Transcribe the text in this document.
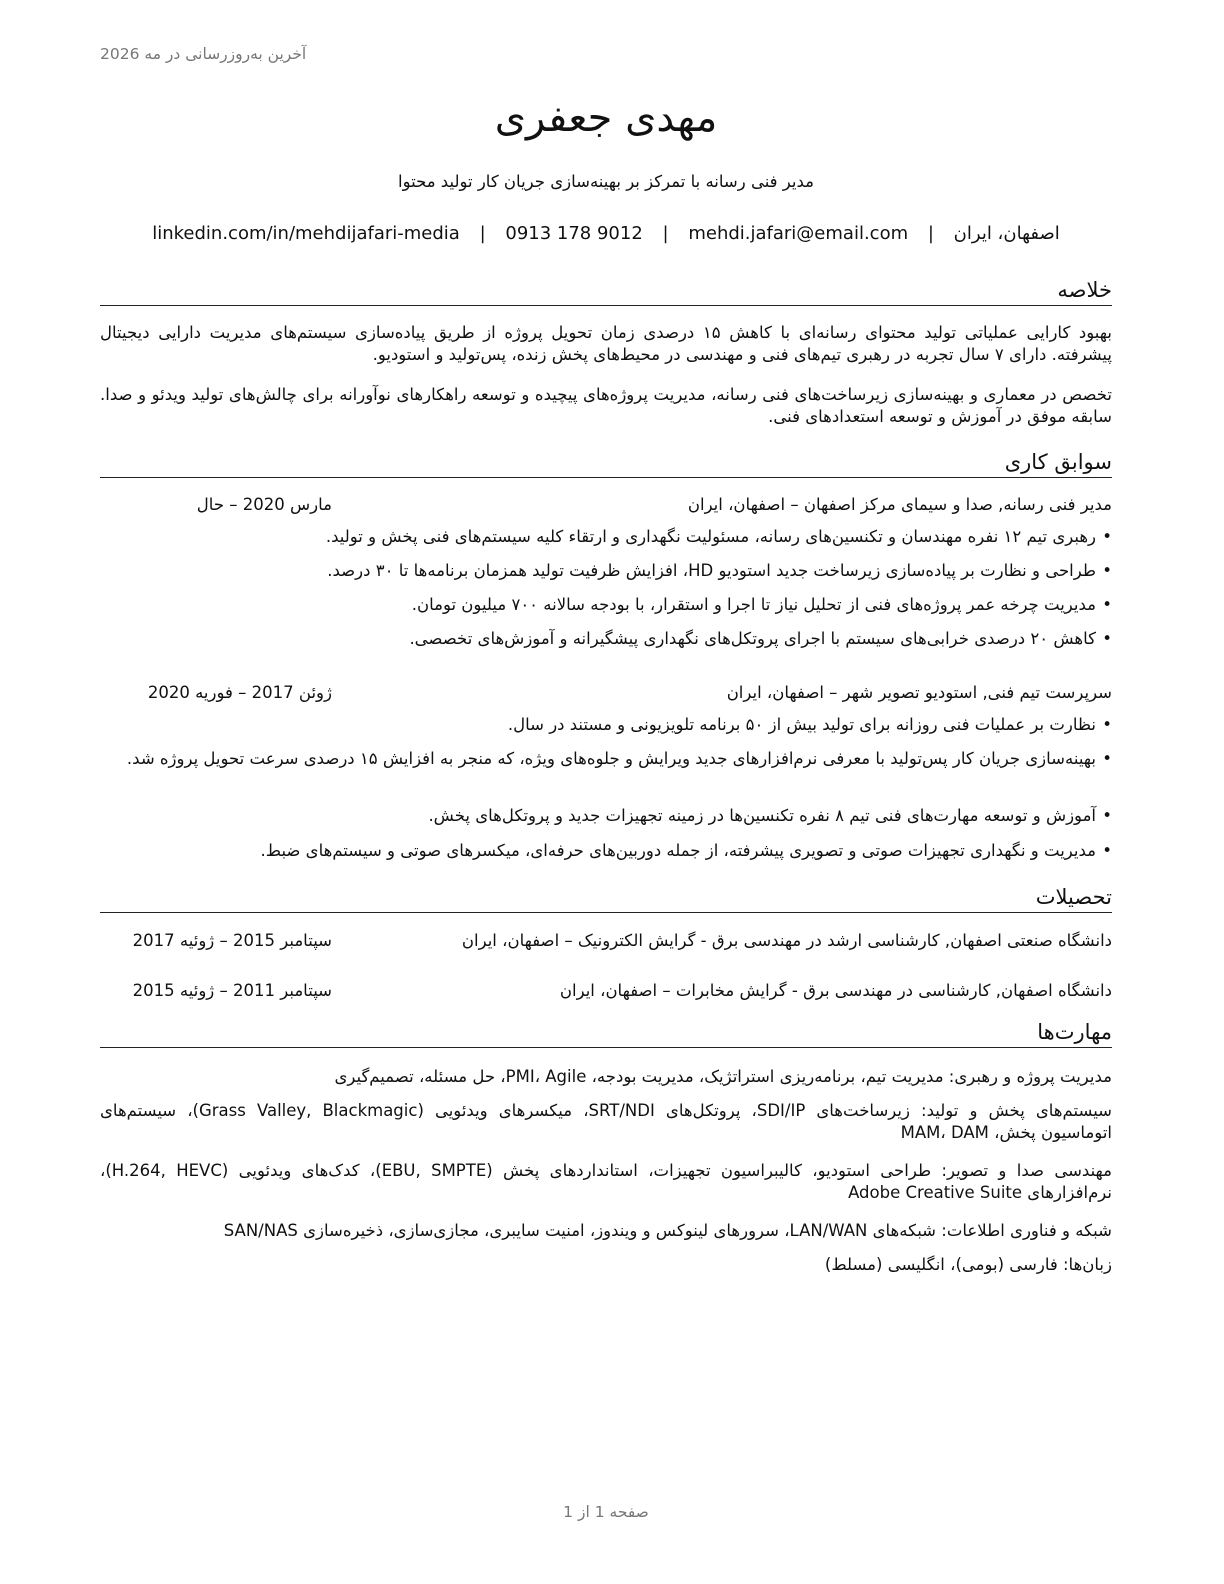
آخرین به‌روزرسانی در مه 2026
مهدی جعفری
مدیر فنی رسانه با تمرکز بر بهینه‌سازی جریان کار تولید محتوا
اصفهان، ایران | mehdi.jafari@email.com | 0913 178 9012 | linkedin.com/in/mehdijafari-media
خلاصه
بهبود کارایی عملیاتی تولید محتوای رسانه‌ای با کاهش ۱۵ درصدی زمان تحویل پروژه از طریق پیاده‌سازی سیستم‌های مدیریت دارایی دیجیتال پیشرفته. دارای ۷ سال تجربه در رهبری تیم‌های فنی و مهندسی در محیط‌های پخش زنده، پس‌تولید و استودیو.
تخصص در معماری و بهینه‌سازی زیرساخت‌های فنی رسانه، مدیریت پروژه‌های پیچیده و توسعه راهکارهای نوآورانه برای چالش‌های تولید ویدئو و صدا. سابقه موفق در آموزش و توسعه استعدادهای فنی.
سوابق کاری
مدیر فنی رسانه, صدا و سیمای مرکز اصفهان – اصفهان، ایران
مارس 2020 – حال
•
رهبری تیم ۱۲ نفره مهندسان و تکنسین‌های رسانه، مسئولیت نگهداری و ارتقاء کلیه سیستم‌های فنی پخش و تولید.
•
طراحی و نظارت بر پیاده‌سازی زیرساخت جدید استودیو HD، افزایش ظرفیت تولید همزمان برنامه‌ها تا ۳۰ درصد.
•
مدیریت چرخه عمر پروژه‌های فنی از تحلیل نیاز تا اجرا و استقرار، با بودجه سالانه ۷۰۰ میلیون تومان.
•
کاهش ۲۰ درصدی خرابی‌های سیستم با اجرای پروتکل‌های نگهداری پیشگیرانه و آموزش‌های تخصصی.
سرپرست تیم فنی, استودیو تصویر شهر – اصفهان، ایران
ژوئن 2017 – فوریه 2020
•
نظارت بر عملیات فنی روزانه برای تولید بیش از ۵۰ برنامه تلویزیونی و مستند در سال.
•
بهینه‌سازی جریان کار پس‌تولید با معرفی نرم‌افزارهای جدید ویرایش و جلوه‌های ویژه، که منجر به افزایش ۱۵ درصدی سرعت تحویل پروژه شد.
•
آموزش و توسعه مهارت‌های فنی تیم ۸ نفره تکنسین‌ها در زمینه تجهیزات جدید و پروتکل‌های پخش.
•
مدیریت و نگهداری تجهیزات صوتی و تصویری پیشرفته، از جمله دوربین‌های حرفه‌ای، میکسرهای صوتی و سیستم‌های ضبط.
تحصیلات
دانشگاه صنعتی اصفهان, کارشناسی ارشد در مهندسی برق - گرایش الکترونیک – اصفهان، ایران
سپتامبر 2015 – ژوئیه 2017
دانشگاه اصفهان, کارشناسی در مهندسی برق - گرایش مخابرات – اصفهان، ایران
سپتامبر 2011 – ژوئیه 2015
مهارت‌ها
مدیریت پروژه و رهبری: مدیریت تیم، برنامه‌ریزی استراتژیک، مدیریت بودجه، PMI، Agile، حل مسئله، تصمیم‌گیری
سیستم‌های پخش و تولید: زیرساخت‌های SDI/IP، پروتکل‌های SRT/NDI، میکسرهای ویدئویی (Grass Valley, Blackmagic)، سیستم‌های اتوماسیون پخش، MAM، DAM
مهندسی صدا و تصویر: طراحی استودیو، کالیبراسیون تجهیزات، استانداردهای پخش (EBU, SMPTE)، کدک‌های ویدئویی (H.264, HEVC)، نرم‌افزارهای Adobe Creative Suite
شبکه و فناوری اطلاعات: شبکه‌های LAN/WAN، سرورهای لینوکس و ویندوز، امنیت سایبری، مجازی‌سازی، ذخیره‌سازی SAN/NAS
زبان‌ها: فارسی (بومی)، انگلیسی (مسلط)
صفحه 1 از 1
